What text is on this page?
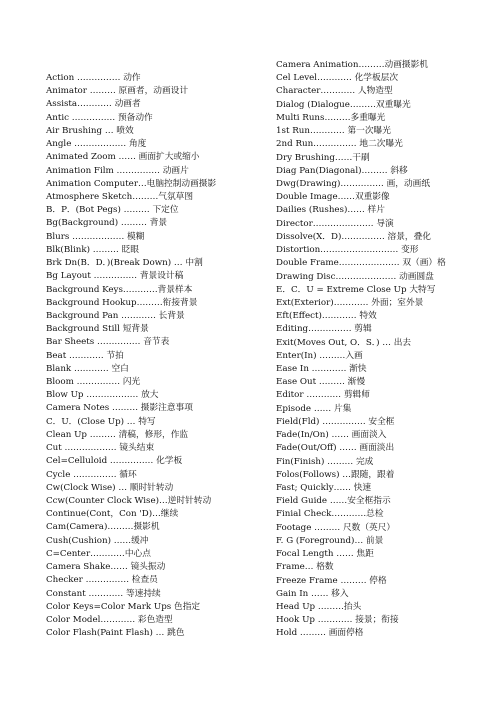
Action …………… 动作
Animator ……… 原画者，动画设计
Assista………… 动画者
Antic …………… 预备动作
Air Brushing … 喷效
Angle ……………… 角度
Animated Zoom …… 画面扩大或缩小
Animation Film …………… 动画片
Animation Computer…电脑控制动画摄影
Atmosphere Sketch………气氛草图
B．P．(Bot Pegs) ……… 下定位
Bg(Background) ……… 背景
Blurs ……………… 模糊
Blk(Blink) ……… 眨眼
Brk Dn(B．D．)(Break Down) … 中割
Bg Layout …………… 背景设计稿
Background Keys…………背景样本
Background Hookup………衔接背景
Background Pan ………… 长背景
Background Still 短背景
Bar Sheets …………… 音节表
Beat ………… 节拍
Blank ………… 空白
Bloom …………… 闪光
Blow Up ……………… 放大
Camera Notes ……… 摄影注意事项
C．U．(Close Up) … 特写
Clean Up ……… 清稿，修形，作监
Cut ……………… 镜头结束
Cel=Celluloid …………… 化学板
Cycle …………… 循环
Cw(Clock Wise) … 顺时针转动
Ccw(Counter Clock Wise)…逆时针转动
Continue(Cont，Con 'D)…继续
Cam(Camera)………摄影机
Cush(Cushion) ……缓冲
C=Center…………中心点
Camera Shake…… 镜头振动
Checker …………… 检查员
Constant ………… 等速持续
Color Keys=Color Mark Ups 色指定
Color Model………… 彩色造型
Color Flash(Paint Flash) … 跳色
Camera Animation………动画摄影机
Cel Level………… 化学板层次
Character………… 人物造型
Dialog (Dialogue………双重曝光
Multi Runs………多重曝光
1st Run………… 第一次曝光
2nd Run…………… 地二次曝光
Dry Brushing……干刷
Diag Pan(Diagonal)……… 斜移
Dwg(Drawing)…………… 画，动画纸
Double Image……双重影像
Dailies (Rushes)…… 样片
Director………………… 导演
Dissolve(X．D)…………… 溶景，叠化
Distortion……………………… 变形
Double Frame………………… 双（画）格
Drawing Disc………………… 动画圆盘
E．C．U = Extreme Close Up 大特写
Ext(Exterior)………… 外面；室外景
Eft(Effect)………… 特效
Editing…………… 剪辑
Exit(Moves Out, O．S．) … 出去
Enter(In) ………入画
Ease In ………… 渐快
Ease Out ……… 渐慢
Editor ………… 剪辑师
Episode …… 片集
Field(Fld) …………… 安全框
Fade(In/On) …… 画面淡入
Fade(Out/Off) …… 画面淡出
Fin(Finish) ……… 完成
Folos(Follows) …跟随，跟着
Fast; Quickly…… 快速
Field Guide ……安全框指示
Finial Check…………总检
Footage ……… 尺数（英尺）
F. G (Foreground)… 前景
Focal Length …… 焦距
Frame… 格数
Freeze Frame ……… 停格
Gain In …… 移入
Head Up ………抬头
Hook Up ………… 接景；衔接
Hold ……… 画面停格
